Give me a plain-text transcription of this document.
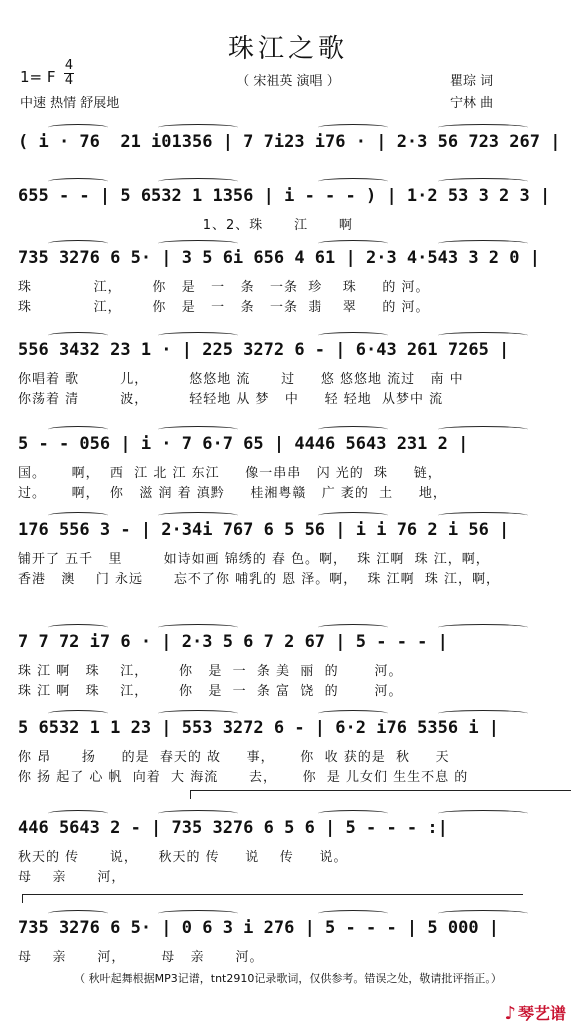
珠江之歌
1= F
4
4
中速 热情 舒展地
（ 宋祖英 演唱 ）	瞿琮 词
宁林 曲
( i · 76  21 i01356 | 7 7i23 i76 · | 2·3 56 723 267 |
655 - - | 5 6532 1 1356 | i - - - ) | 1·2 53 3 2 3 |
1、2、珠      江      啊
735 3276 6 5· | 3 5 6i 656 4 61 | 2·3 4·543 3 2 0 |
珠            江，      你   是   一   条   一条  珍    珠     的 河。
珠            江，      你   是   一   条   一条  翡    翠     的 河。
556 3432 23 1 · | 225 3272 6 - | 6·43 261 7265 |
你唱着 歌        儿，        悠悠地 流      过     悠 悠悠地 流过   南 中
你荡着 清        波，        轻轻地 从 梦   中     轻 轻地  从梦中 流
5 - - 056 | i · 7 6·7 65 | 4446 5643 231 2 |
国。     啊，  西  江 北 江 东江     像一串串   闪 光的  珠     链，
过。     啊，  你   滋 润 着 滇黔     桂湘粤赣   广 袤的  土     地，
176 556 3 - | 2·34i 767 6 5 56 | i i 76 2 i 56 |
铺开了 五千   里        如诗如画 锦绣的 春 色。啊，  珠 江啊  珠 江，啊，
香港   澳    门 永远      忘不了你 哺乳的 恩 泽。啊，  珠 江啊  珠 江，啊，
7 7 72 i7 6 · | 2·3 5 6 7 2 67 | 5 - - - |
珠 江 啊   珠    江，      你   是  一  条 美  丽  的       河。
珠 江 啊   珠    江，      你   是  一  条 富  饶  的       河。
5 6532 1 1 23 | 553 3272 6 - | 6·2 i76 5356 i |
你 昂      扬     的是  春天的 故     事，     你  收 获的是  秋     天
你 扬 起了 心 帆  向着  大 海流      去，     你  是 儿女们 生生不息 的
446 5643 2 - | 735 3276 6 5 6 | 5 - - - :|
秋天的 传      说，    秋天的 传     说    传     说。
母    亲      河，
735 3276 6 5· | 0 6 3 i 276 | 5 - - - | 5 000 |
母    亲      河，       母   亲      河。
（ 秋叶起舞根据MP3记谱，tnt2910记录歌词，仅供参考。错误之处，敬请批评指正。）
♪ 琴艺谱
